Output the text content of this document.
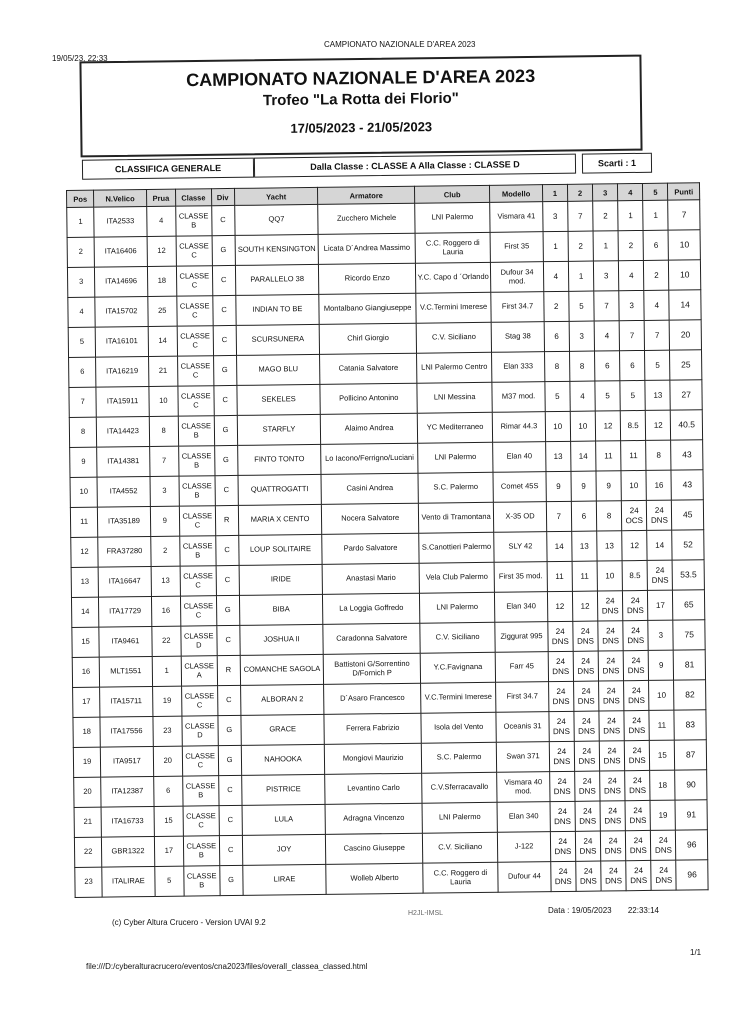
19/05/23, 22:33
CAMPIONATO NAZIONALE D'AREA 2023
CAMPIONATO NAZIONALE D'AREA 2023
Trofeo "La Rotta dei Florio"
17/05/2023 - 21/05/2023
CLASSIFICA GENERALE	Dalla Classe : CLASSE A Alla Classe : CLASSE D	Scarti : 1
Pos	N.Velico	Prua	Classe	Div	Yacht	Armatore	Club	Modello	1	2	3	4	5	Punti
1	ITA2533	4	CLASSE B	C	QQ7	Zucchero Michele	LNI Palermo	Vismara 41	3	7	2	1	1	7
2	ITA16406	12	CLASSE C	G	SOUTH KENSINGTON	Licata D´Andrea Massimo	C.C. Roggero di Lauria	First 35	1	2	1	2	6	10
3	ITA14696	18	CLASSE C	C	PARALLELO 38	Ricordo Enzo	Y.C. Capo d ´Orlando	Dufour 34 mod.	4	1	3	4	2	10
4	ITA15702	25	CLASSE C	C	INDIAN TO BE	Montalbano Giangiuseppe	V.C.Termini Imerese	First 34.7	2	5	7	3	4	14
5	ITA16101	14	CLASSE C	C	SCURSUNERA	Chirl Giorgio	C.V. Siciliano	Stag 38	6	3	4	7	7	20
6	ITA16219	21	CLASSE C	G	MAGO BLU	Catania Salvatore	LNI Palermo Centro	Elan 333	8	8	6	6	5	25
7	ITA15911	10	CLASSE C	C	SEKELES	Pollicino Antonino	LNI Messina	M37 mod.	5	4	5	5	13	27
8	ITA14423	8	CLASSE B	G	STARFLY	Alaimo Andrea	YC Mediterraneo	Rimar 44.3	10	10	12	8.5	12	40.5
9	ITA14381	7	CLASSE B	G	FINTO TONTO	Lo Iacono/Ferrigno/Luciani	LNI Palermo	Elan 40	13	14	11	11	8	43
10	ITA4552	3	CLASSE B	C	QUATTROGATTI	Casini Andrea	S.C. Palermo	Comet 45S	9	9	9	10	16	43
11	ITA35189	9	CLASSE C	R	MARIA X CENTO	Nocera Salvatore	Vento di Tramontana	X-35 OD	7	6	8	24 OCS	24 DNS	45
12	FRA37280	2	CLASSE B	C	LOUP SOLITAIRE	Pardo Salvatore	S.Canottieri Palermo	SLY 42	14	13	13	12	14	52
13	ITA16647	13	CLASSE C	C	IRIDE	Anastasi Mario	Vela Club Palermo	First 35 mod.	11	11	10	8.5	24 DNS	53.5
14	ITA17729	16	CLASSE C	G	BIBA	La Loggia Goffredo	LNI Palermo	Elan 340	12	12	24 DNS	24 DNS	17	65
15	ITA9461	22	CLASSE D	C	JOSHUA II	Caradonna Salvatore	C.V. Siciliano	Ziggurat 995	24 DNS	24 DNS	24 DNS	24 DNS	3	75
16	MLT1551	1	CLASSE A	R	COMANCHE SAGOLA	Battistoni G/Sorrentino D/Fornich P	Y.C.Favignana	Farr 45	24 DNS	24 DNS	24 DNS	24 DNS	9	81
17	ITA15711	19	CLASSE C	C	ALBORAN 2	D´Asaro Francesco	V.C.Termini Imerese	First 34.7	24 DNS	24 DNS	24 DNS	24 DNS	10	82
18	ITA17556	23	CLASSE D	G	GRACE	Ferrera Fabrizio	Isola del Vento	Oceanis 31	24 DNS	24 DNS	24 DNS	24 DNS	11	83
19	ITA9517	20	CLASSE C	G	NAHOOKA	Mongiovi Maurizio	S.C. Palermo	Swan 371	24 DNS	24 DNS	24 DNS	24 DNS	15	87
20	ITA12387	6	CLASSE B	C	PISTRICE	Levantino Carlo	C.V.Sferracavallo	Vismara 40 mod.	24 DNS	24 DNS	24 DNS	24 DNS	18	90
21	ITA16733	15	CLASSE C	C	LULA	Adragna Vincenzo	LNI Palermo	Elan 340	24 DNS	24 DNS	24 DNS	24 DNS	19	91
22	GBR1322	17	CLASSE B	C	JOY	Cascino Giuseppe	C.V. Siciliano	J-122	24 DNS	24 DNS	24 DNS	24 DNS	24 DNS	96
23	ITALIRAE	5	CLASSE B	G	LIRAE	Wolleb Alberto	C.C. Roggero di Lauria	Dufour 44	24 DNS	24 DNS	24 DNS	24 DNS	24 DNS	96
(c) Cyber Altura Crucero - Version UVAI 9.2
H2JL-IMSL	Data : 19/05/2023 22:33:14
file:///D:/cyberalturacrucero/eventos/cna2023/files/overall_classea_classed.html
1/1
